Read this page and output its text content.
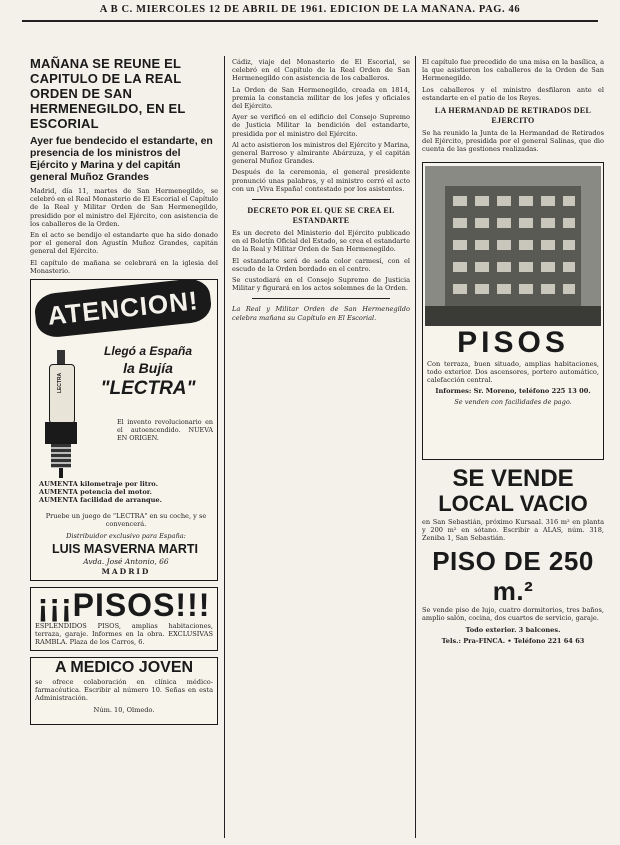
A B C. MIERCOLES 12 DE ABRIL DE 1961. EDICION DE LA MAÑANA. PAG. 46
MAÑANA SE REUNE EL CAPITULO DE LA REAL ORDEN DE SAN HERMENEGILDO, EN EL ESCORIAL
Ayer fue bendecido el estandarte, en presencia de los ministros del Ejército y Marina y del capitán general Muñoz Grandes

Madrid, día 11, martes de San Hermenegildo, se celebró en el Real Monasterio de El Escorial el Capítulo de la Real y Militar Orden de San Hermenegildo, presidido por el ministro del Ejército, con asistencia de los caballeros de la Orden.

En el acto se bendijo el estandarte que ha sido donado por el general don Agustín Muñoz Grandes, capitán general del Ejército.

El capítulo de mañana se celebrará en la iglesia del Monasterio.

ATENCION!
LECTRA
Llegó a España
la Bujía
"LECTRA"
El invento revolucionario en el autoencendido. NUEVA EN ORIGEN.
AUMENTA kilometraje por litro.
AUMENTA potencia del motor.
AUMENTA facilidad de arranque.
Pruebe un juego de "LECTRA" en su coche, y se convencerá.
Distribuidor exclusivo para España:
LUIS MASVERNA MARTI
Avda. José Antonio, 66
MADRID
¡¡¡PISOS!!!
ESPLENDIDOS PISOS, amplias habitaciones, terraza, garaje. Informes en la obra. EXCLUSIVAS RAMBLA. Plaza de los Carros, 6.
A MEDICO JOVEN
se ofrece colaboración en clínica médico-farmacéutica. Escribir al número 10. Señas en esta Administración.
Núm. 10, Olmedo.

Cádiz, viaje del Monasterio de El Escorial, se celebró en el Capítulo de la Real Orden de San Hermenegildo con asistencia de los caballeros.

La Orden de San Hermenegildo, creada en 1814, premia la constancia militar de los jefes y oficiales del Ejército.

Ayer se verificó en el edificio del Consejo Supremo de Justicia Militar la bendición del estandarte, presidida por el ministro del Ejército.

Al acto asistieron los ministros del Ejército y Marina, general Barroso y almirante Abárzuza, y el capitán general Muñoz Grandes.

Después de la ceremonia, el general presidente pronunció unas palabras, y el ministro cerró el acto con un ¡Viva España! contestado por los asistentes.

DECRETO POR EL QUE SE CREA EL ESTANDARTE

Es un decreto del Ministerio del Ejército publicado en el Boletín Oficial del Estado, se crea el estandarte de la Real y Militar Orden de San Hermenegildo.

El estandarte será de seda color carmesí, con el escudo de la Orden bordado en el centro.

Se custodiará en el Consejo Supremo de Justicia Militar y figurará en los actos solemnes de la Orden.

La Real y Militar Orden de San Hermenegildo celebra mañana su Capítulo en El Escorial.

El capítulo fue precedido de una misa en la basílica, a la que asistieron los caballeros de la Orden de San Hermenegildo.

Los caballeros y el ministro desfilaron ante el estandarte en el patio de los Reyes.

LA HERMANDAD DE RETIRADOS DEL EJERCITO

Se ha reunido la Junta de la Hermandad de Retirados del Ejército, presidida por el general Salinas, que dio cuenta de las gestiones realizadas.

PISOS
Con terraza, buen situado, amplias habitaciones, todo exterior. Dos ascensores, portero automático, calefacción central.
Informes: Sr. Moreno, teléfono 225 13 00.
Se venden con facilidades de pago.
SE VENDE
LOCAL VACIO
en San Sebastián, próximo Kursaal. 316 m² en planta y 200 m² en sótano. Escribir a ALAS, núm. 318, Zeniba 1, San Sebastián.
PISO DE 250 m.²
Se vende piso de lujo, cuatro dormitorios, tres baños, amplio salón, cocina, dos cuartos de servicio, garaje.
Todo exterior. 3 balcones.
Tels.: Pra-FINCA. • Teléfono 221 64 63
